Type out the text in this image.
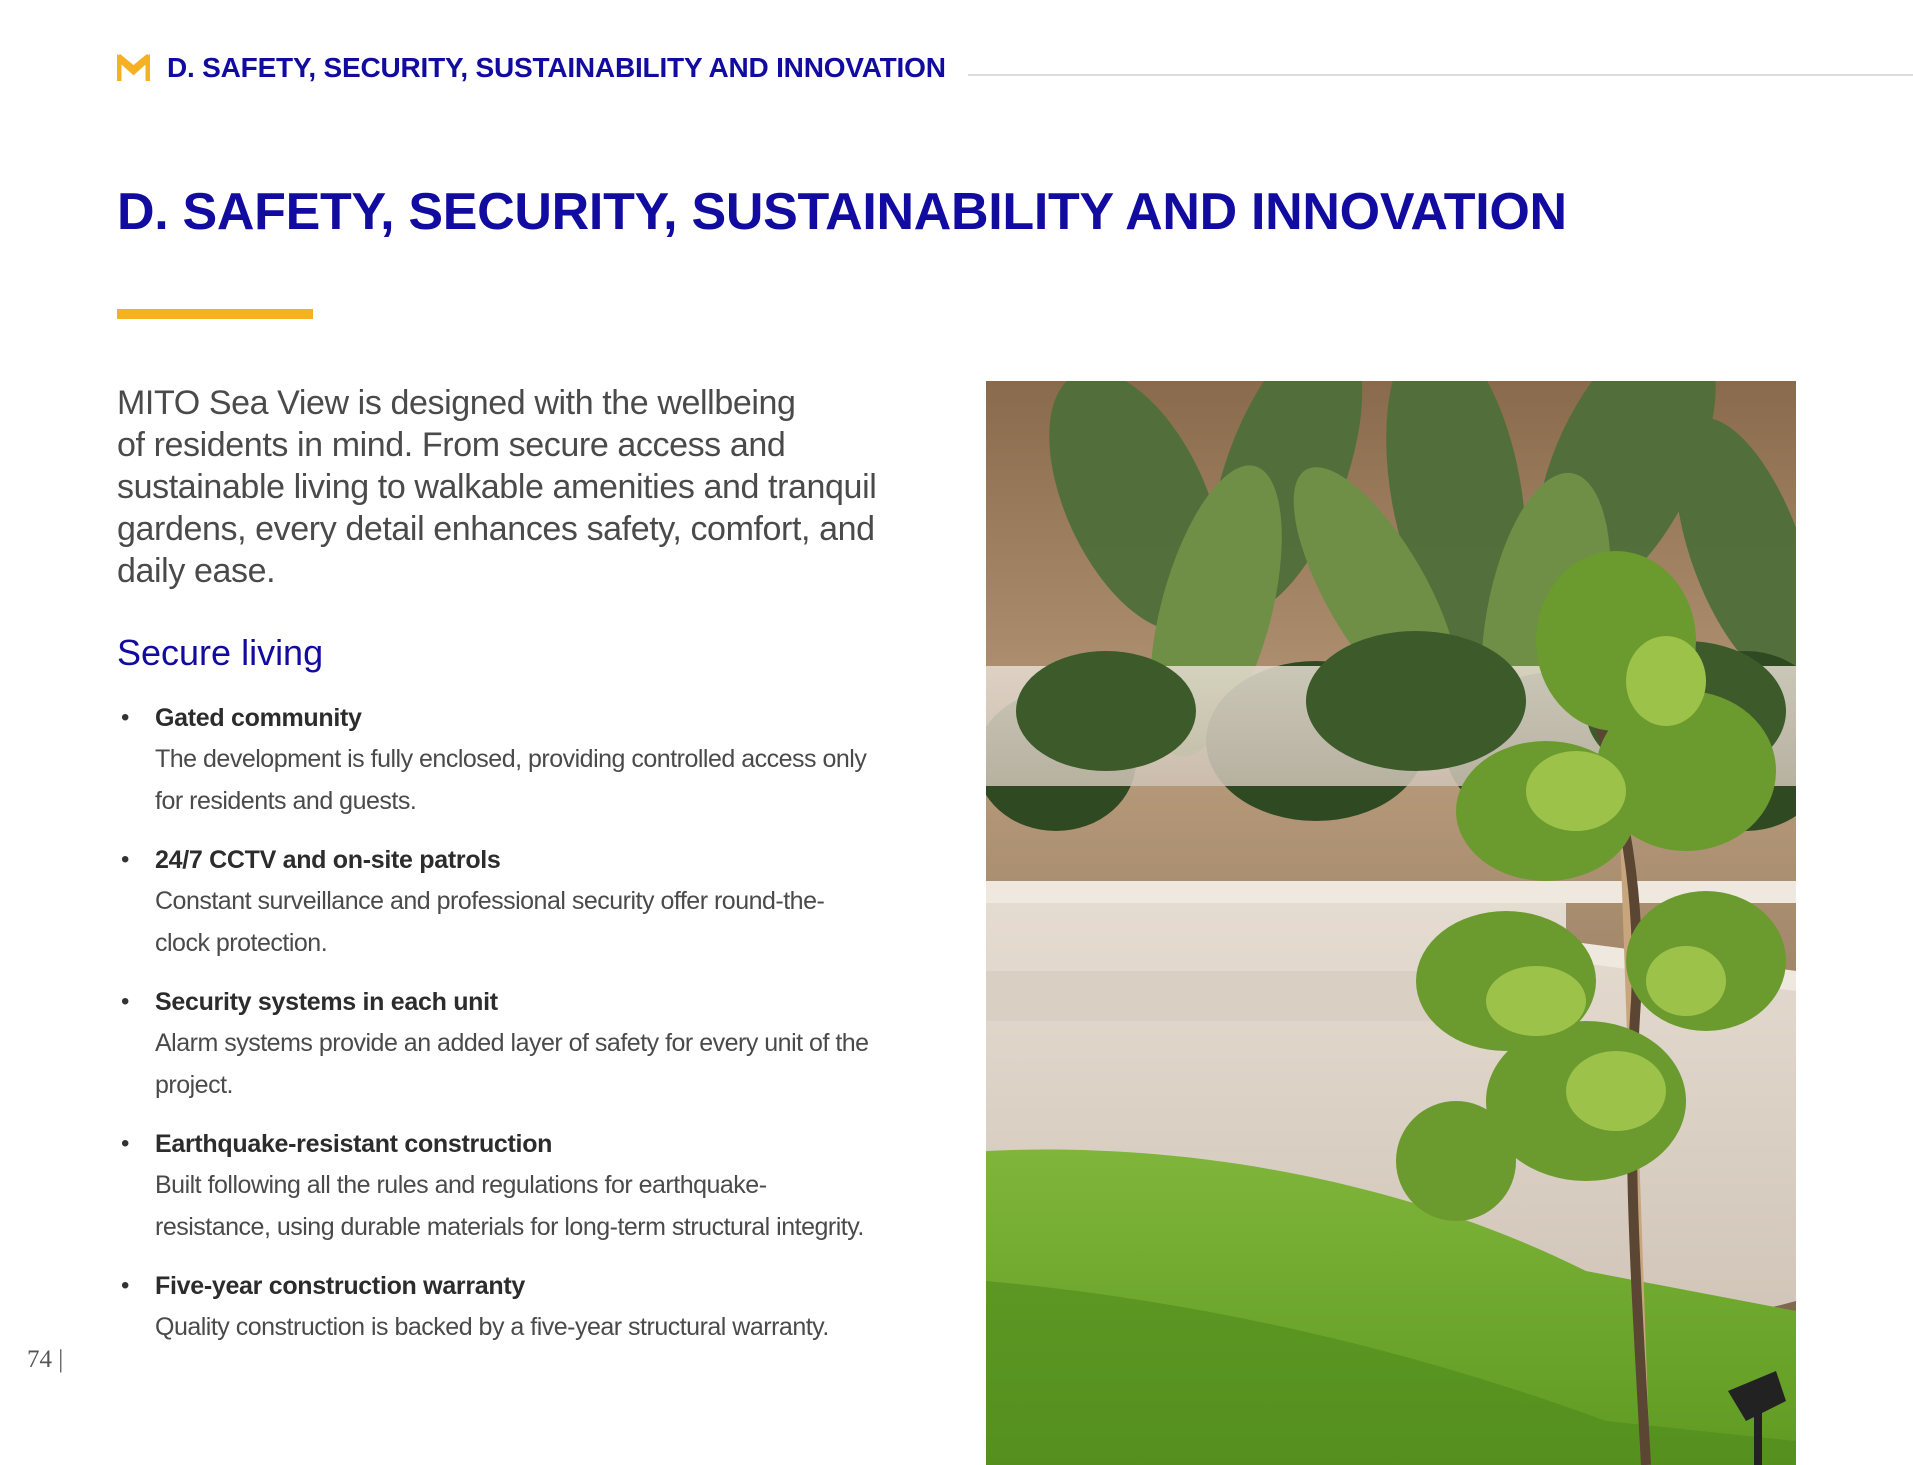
D. SAFETY, SECURITY, SUSTAINABILITY AND INNOVATION
D. SAFETY, SECURITY, SUSTAINABILITY AND INNOVATION

MITO Sea View is designed with the wellbeing
of residents in mind. From secure access and
sustainable living to walkable amenities and tranquil
gardens, every detail enhances safety, comfort, and
daily ease.

Secure living
• Gated community
The development is fully enclosed, providing controlled access only
for residents and guests.
• 24/7 CCTV and on-site patrols
Constant surveillance and professional security offer round-the-
clock protection.
• Security systems in each unit
Alarm systems provide an added layer of safety for every unit of the
project.
• Earthquake-resistant construction
Built following all the rules and regulations for earthquake-
resistance, using durable materials for long-term structural integrity.
• Five-year construction warranty
Quality construction is backed by a five-year structural warranty.
74 |
